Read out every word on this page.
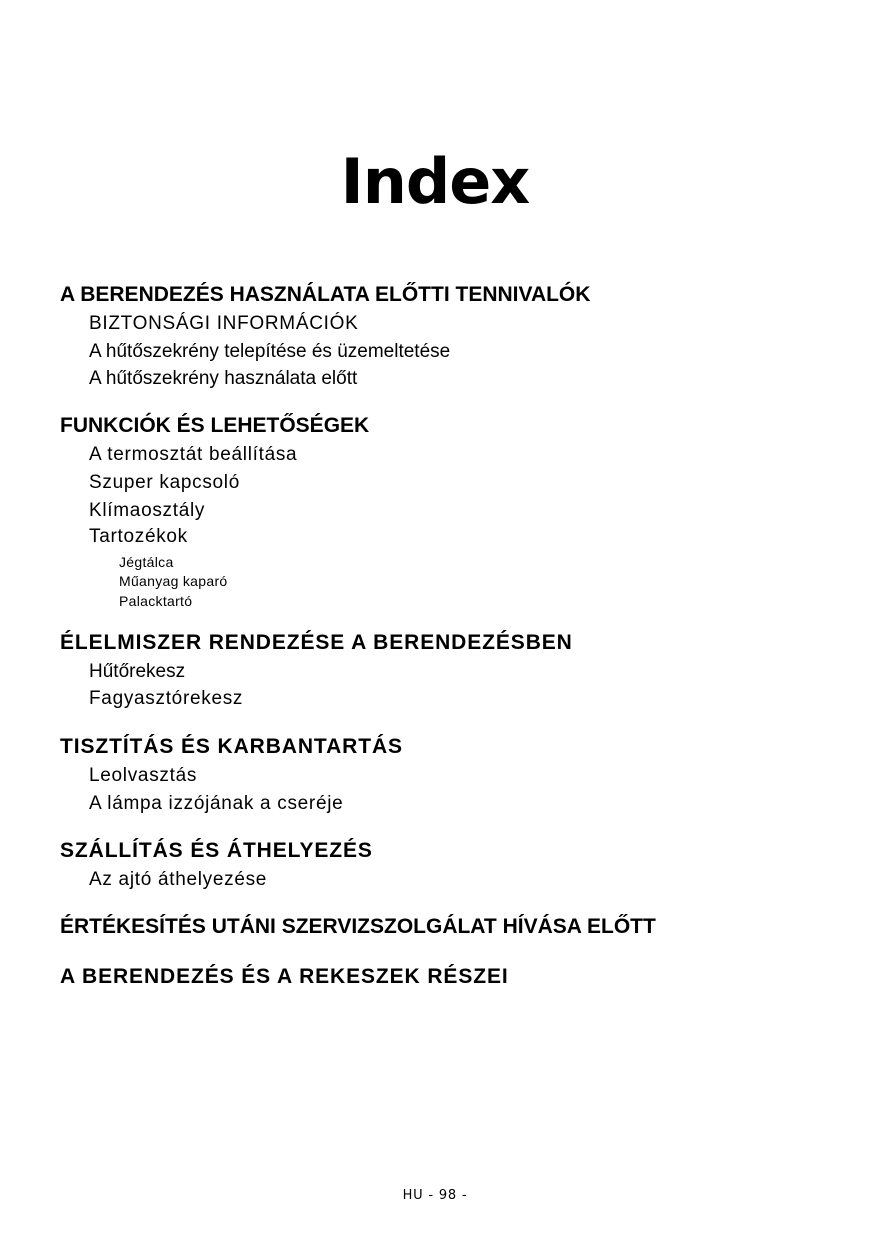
Index
A BERENDEZÉS HASZNÁLATA ELŐTTI TENNIVALÓK
BIZTONSÁGI INFORMÁCIÓK
A hűtőszekrény telepítése és üzemeltetése
A hűtőszekrény használata előtt
FUNKCIÓK ÉS LEHETŐSÉGEK
A termosztát beállítása
Szuper kapcsoló
Klímaosztály
Tartozékok
Jégtálca
Műanyag kaparó
Palacktartó
ÉLELMISZER RENDEZÉSE A BERENDEZÉSBEN
Hűtőrekesz
Fagyasztórekesz
TISZTÍTÁS ÉS KARBANTARTÁS
Leolvasztás
A lámpa izzójának a cseréje
SZÁLLÍTÁS ÉS ÁTHELYEZÉS
Az ajtó áthelyezése
ÉRTÉKESÍTÉS UTÁNI SZERVIZSZOLGÁLAT HÍVÁSA ELŐTT
A BERENDEZÉS ÉS A REKESZEK RÉSZEI
HU - 98 -
